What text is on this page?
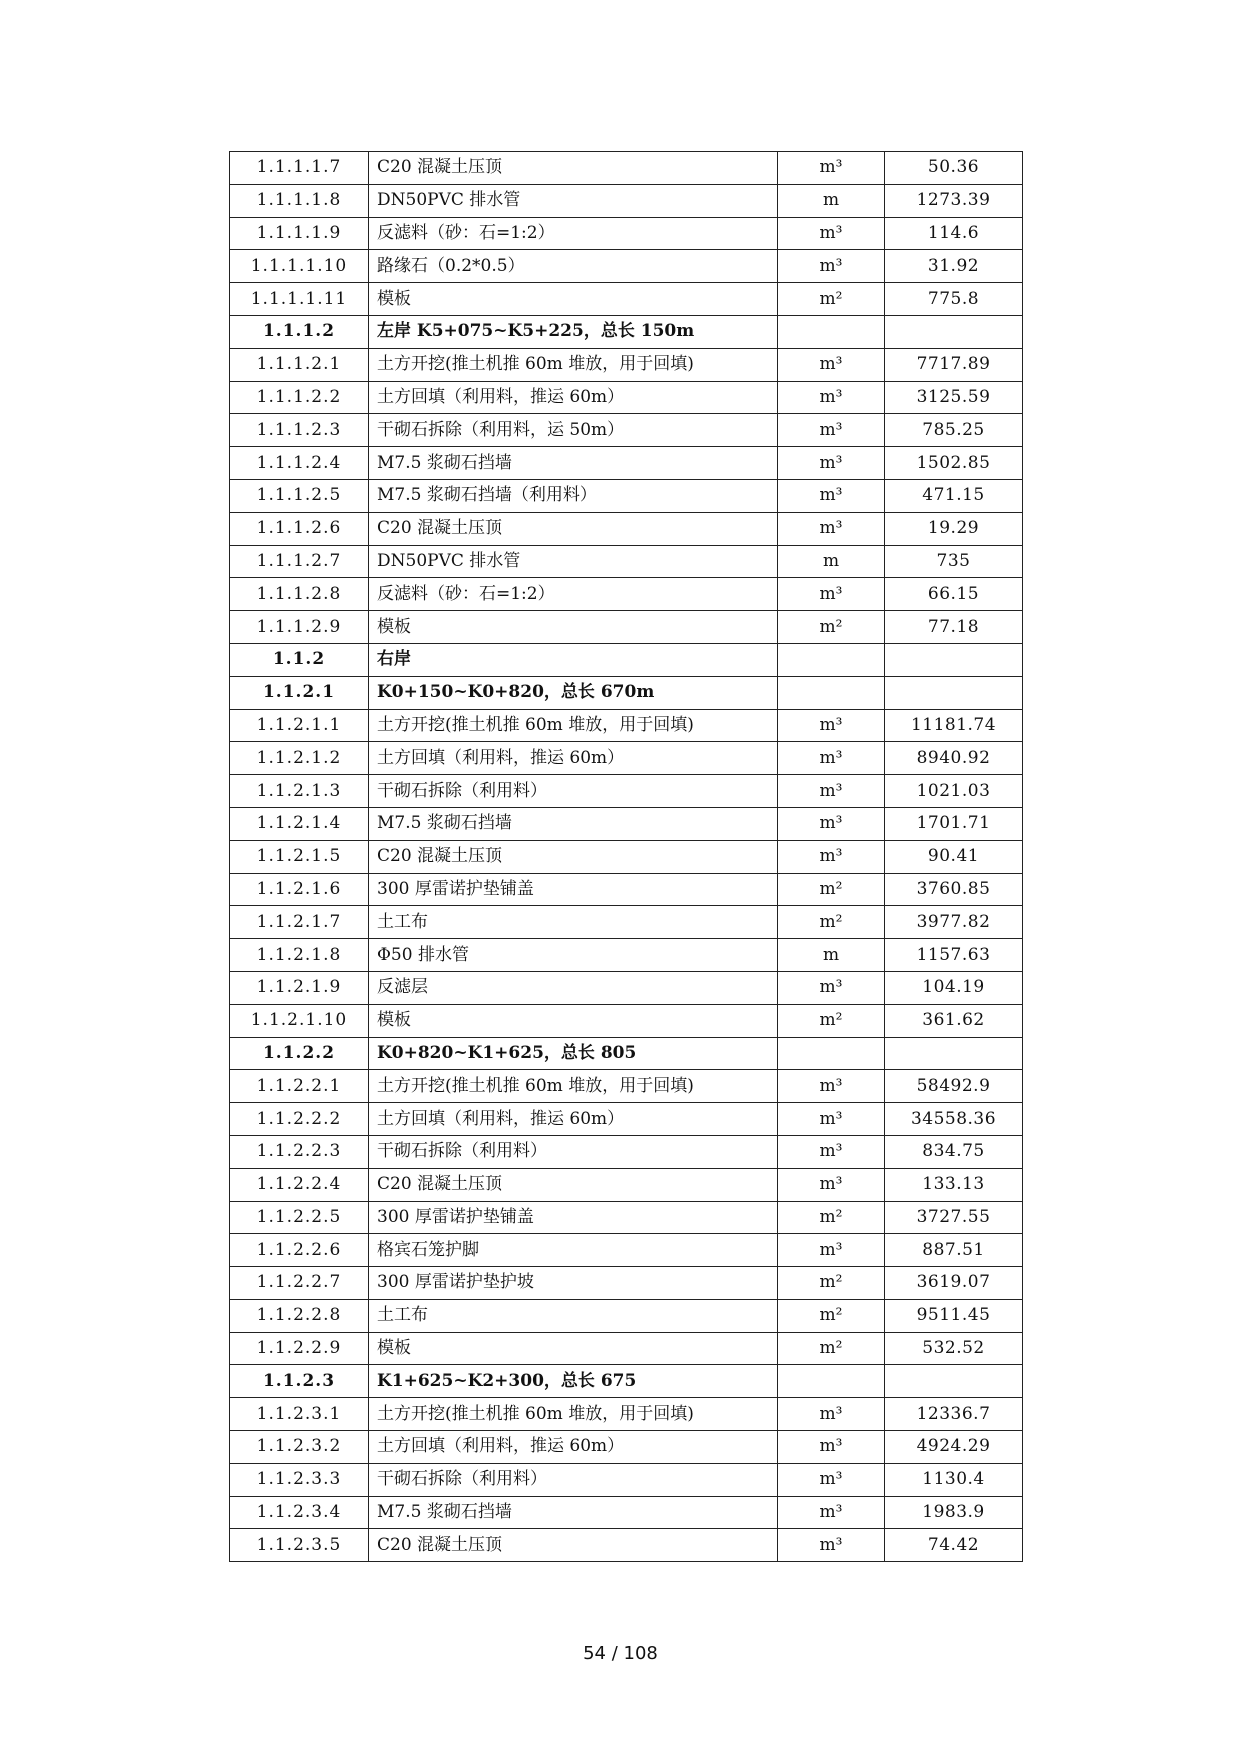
1.1.1.1.7	C20 混凝土压顶	m³	50.36
1.1.1.1.8	DN50PVC 排水管	m	1273.39
1.1.1.1.9	反滤料（砂：石=1:2）	m³	114.6
1.1.1.1.10	路缘石（0.2*0.5）	m³	31.92
1.1.1.1.11	模板	m²	775.8
1.1.1.2	左岸 K5+075~K5+225，总长 150m		
1.1.1.2.1	土方开挖(推土机推 60m 堆放，用于回填)	m³	7717.89
1.1.1.2.2	土方回填（利用料，推运 60m）	m³	3125.59
1.1.1.2.3	干砌石拆除（利用料，运 50m）	m³	785.25
1.1.1.2.4	M7.5 浆砌石挡墙	m³	1502.85
1.1.1.2.5	M7.5 浆砌石挡墙（利用料）	m³	471.15
1.1.1.2.6	C20 混凝土压顶	m³	19.29
1.1.1.2.7	DN50PVC 排水管	m	735
1.1.1.2.8	反滤料（砂：石=1:2）	m³	66.15
1.1.1.2.9	模板	m²	77.18
1.1.2	右岸		
1.1.2.1	K0+150~K0+820，总长 670m		
1.1.2.1.1	土方开挖(推土机推 60m 堆放，用于回填)	m³	11181.74
1.1.2.1.2	土方回填（利用料，推运 60m）	m³	8940.92
1.1.2.1.3	干砌石拆除（利用料）	m³	1021.03
1.1.2.1.4	M7.5 浆砌石挡墙	m³	1701.71
1.1.2.1.5	C20 混凝土压顶	m³	90.41
1.1.2.1.6	300 厚雷诺护垫铺盖	m²	3760.85
1.1.2.1.7	土工布	m²	3977.82
1.1.2.1.8	Φ50 排水管	m	1157.63
1.1.2.1.9	反滤层	m³	104.19
1.1.2.1.10	模板	m²	361.62
1.1.2.2	K0+820~K1+625，总长 805		
1.1.2.2.1	土方开挖(推土机推 60m 堆放，用于回填)	m³	58492.9
1.1.2.2.2	土方回填（利用料，推运 60m）	m³	34558.36
1.1.2.2.3	干砌石拆除（利用料）	m³	834.75
1.1.2.2.4	C20 混凝土压顶	m³	133.13
1.1.2.2.5	300 厚雷诺护垫铺盖	m²	3727.55
1.1.2.2.6	格宾石笼护脚	m³	887.51
1.1.2.2.7	300 厚雷诺护垫护坡	m²	3619.07
1.1.2.2.8	土工布	m²	9511.45
1.1.2.2.9	模板	m²	532.52
1.1.2.3	K1+625~K2+300，总长 675		
1.1.2.3.1	土方开挖(推土机推 60m 堆放，用于回填)	m³	12336.7
1.1.2.3.2	土方回填（利用料，推运 60m）	m³	4924.29
1.1.2.3.3	干砌石拆除（利用料）	m³	1130.4
1.1.2.3.4	M7.5 浆砌石挡墙	m³	1983.9
1.1.2.3.5	C20 混凝土压顶	m³	74.42
54 / 108
